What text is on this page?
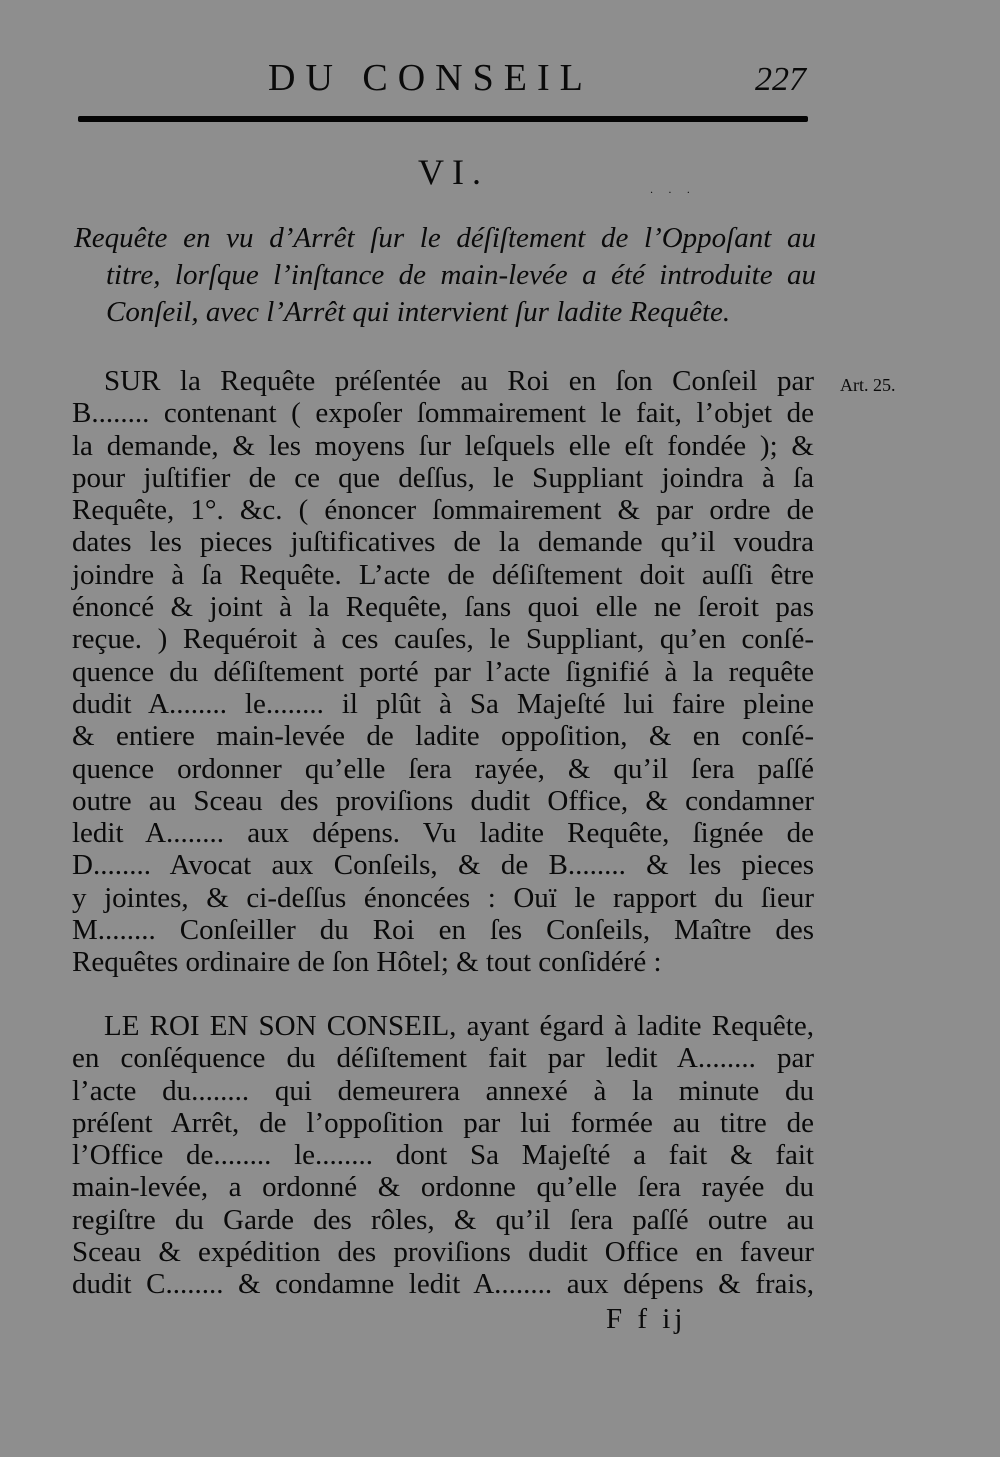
DU CONSEIL	227
VI.
· · ·
Requête en vu d’Arrêt ſur le déſiſtement de l’Oppoſant au
titre, lorſque l’inſtance de main-levée a été introduite au
Conſeil, avec l’Arrêt qui intervient ſur ladite Requête.
Art. 25.
SUR la Requête préſentée au Roi en ſon Conſeil par
B........ contenant ( expoſer ſommairement le fait, l’objet de
la demande, & les moyens ſur leſquels elle eſt fondée ); &
pour juſtifier de ce que deſſus, le Suppliant joindra à ſa
Requête, 1°. &c. ( énoncer ſommairement & par ordre de
dates les pieces juſtificatives de la demande qu’il voudra
joindre à ſa Requête. L’acte de déſiſtement doit auſſi être
énoncé & joint à la Requête, ſans quoi elle ne ſeroit pas
reçue. ) Requéroit à ces cauſes, le Suppliant, qu’en conſé-
quence du déſiſtement porté par l’acte ſignifié à la requête
dudit A........ le........ il plût à Sa Majeſté lui faire pleine
& entiere main-levée de ladite oppoſition, & en conſé-
quence ordonner qu’elle ſera rayée, & qu’il ſera paſſé
outre au Sceau des proviſions dudit Office, & condamner
ledit A........ aux dépens. Vu ladite Requête, ſignée de
D........ Avocat aux Conſeils, & de B........ & les pieces
y jointes, & ci-deſſus énoncées : Ouï le rapport du ſieur
M........ Conſeiller du Roi en ſes Conſeils, Maître des
Requêtes ordinaire de ſon Hôtel; & tout conſidéré :
LE ROI EN SON CONSEIL, ayant égard à ladite Requête,
en conſéquence du déſiſtement fait par ledit A........ par
l’acte du........ qui demeurera annexé à la minute du
préſent Arrêt, de l’oppoſition par lui formée au titre de
l’Office de........ le........ dont Sa Majeſté a fait & fait
main-levée, a ordonné & ordonne qu’elle ſera rayée du
regiſtre du Garde des rôles, & qu’il ſera paſſé outre au
Sceau & expédition des proviſions dudit Office en faveur
dudit C........ & condamne ledit A........ aux dépens & frais,
F f ij
